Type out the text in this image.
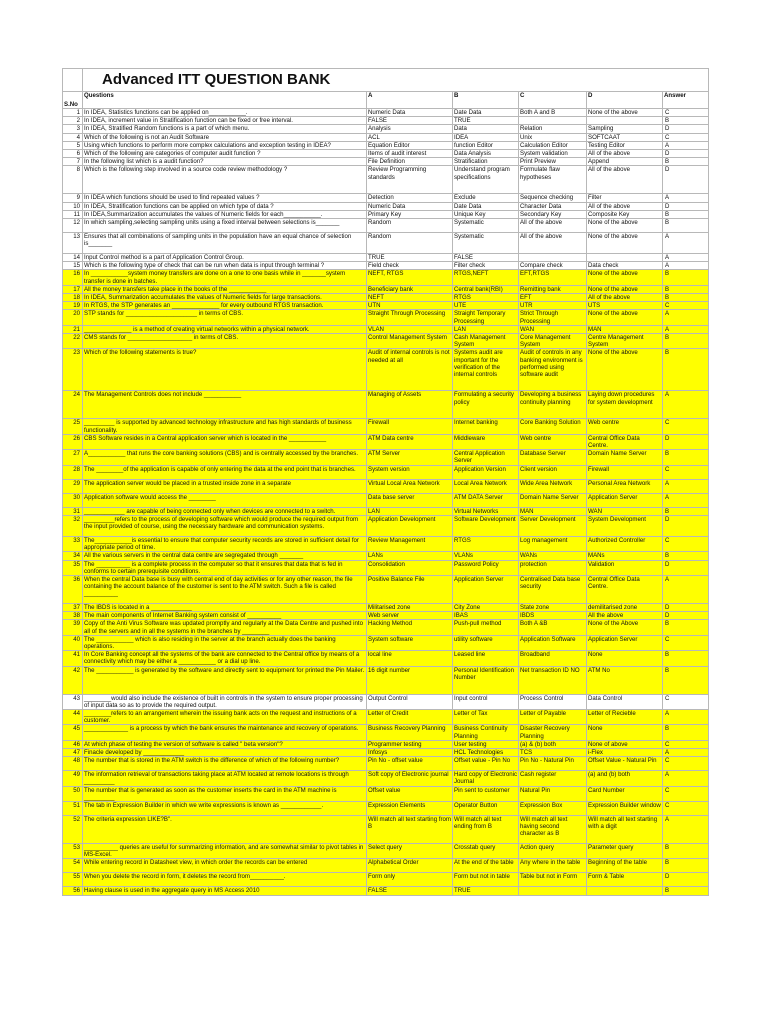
	Advanced ITT QUESTION BANK					
S.No	Questions	A	B	C	D	Answer
1	In IDEA, Statistics functions can be applied on___________.	Numeric Data	Date Data	Both A and B	None of the above	C
2	In IDEA, increment value in Stratification function can be fixed or free interval.	FALSE	TRUE			B
3	In IDEA, Stratified Random functions is a part of which menu.	Analysis	Data	Relation	Sampling	D
4	Which of the following is not an Audit Software	ACL	IDEA	Unix	SOFTCAAT	C
5	Using which functions to perform more complex calculations and exception testing in IDEA?	Equation Editor	function Editor	Calculation Editor	Testing Editor	A
6	Which of the following are categories of computer audit function ?	Items of audit interest	Data Analysis	System validation	All of the above	D
7	In the following list which is a audit function?	File Definition	Stratification	Print Preview	Append	B
8	Which is the following step involved in a source code review methodology ?	Review Programming standards	Understand program specifications	Formulate flaw hypotheses	All of the above	D
9	In IDEA which functions should be used to find repeated values ?	Detection	Exclude	Sequence checking	Filter	A
10	In IDEA, Stratification functions can be applied on which type of data ?	Numeric Data	Date Data	Character Data	All of the above	D
11	In IDEA,Summarization accumulates the values of Numeric fields for each___________.	Primary Key	Unique Key	Secondary Key	Composite Key	B
12	In which sampling,selecting sampling units using a fixed interval between selections is_______	Random	Systematic	All of the above	None of the above	B
13	Ensures that all combinations of sampling units in the population have an equal chance of selection is_______	Random	Systematic	All of the above	None of the above	A
14	Input Control method is a part of Application Control Group.	TRUE	FALSE			A
15	Which is the following type of check that can be run when data is input through terminal ?	Field check	Filter check	Compare check	Data check	A
16	In ___________system money transfers are done on a one to one basis while in _______system transfer is done in batches.	NEFT, RTGS	RTGS,NEFT	EFT,RTGS	None of the above	B
17	All the money transfers take place in the books of the ___________	Beneficiary bank	Central bank(RBI)	Remitting bank	None of the above	B
18	In IDEA, Summarization accumulates the values of Numeric fields for large transactions.	NEFT	RTGS	EFT	All of the above	B
19	In RTGS, the STP generates an ______________ for every outbound RTGS transaction.	UTN	UTE	UTR	UTS	C
20	STP stands for _____________________ in terms of CBS.	Straight Through Processing	Straight Temporary Processing	Strict Through Processing	None of the above	A
21	______________ is a method of creating virtual networks within a physical network.	VLAN	LAN	WAN	MAN	A
22	CMS stands for ___________________ in terms of CBS.	Control Management System	Cash Management System	Core Management System	Centre Management System	B
23	Which of the following statements is true?	Audit of internal controls is not needed at all	Systems audit are important for the verification of the internal controls	Audit of controls in any banking environment is performed using software audit	None of the above	B
24	The Management Controls does not include ___________	Managing of Assets	Formulating a security policy	Developing a business continuity planning	Laying down procedures for system development	A
25	_________ is supported by advanced technology infrastructure and has high standards of business functionality.	Firewall	Internet banking	Core Banking Solution	Web centre	C
26	CBS Software resides in a Central application server which is located in the ___________	ATM Data centre	Middleware	Web centre	Central Office Data Centre.	D
27	A___________ that runs the core banking solutions (CBS) and is centrally accessed by the branches.	ATM Server	Central Application Server	Database Server	Domain Name Server	B
28	The ________of the application is capable of only entering the data at the end point that is branches.	System version	Application Version	Client version	Firewall	C
29	The application server would be placed in a trusted inside zone in a separate	Virtual Local Area Network	Local Area Network	Wide Area Network	Personal Area Network	A
30	Application software would access the ________	Data base server	ATM DATA Server	Domain Name Server	Application Server	A
31	____________ are capable of being connected only when devices are connected to a switch.	LAN	Virtual Networks	MAN	WAN	B
32	_________refers to the process of developing software which would produce the required output from the input provided of course, using the necessary hardware and communication systems.	Application Development	Software Development	Server Development	System Development	D
33	The___________is essential to ensure that computer security records are stored in sufficient detail for appropriate period of time.	Review Management	RTGS	Log management	Authorized Controller	C
34	All the various servers in the central data centre are segregated through _______	LANs	VLANs	WANs	MANs	B
35	The __________ is a complete process in the computer so that it ensures that data that is fed in conforms to certain prerequisite conditions.	Consolidation	Password Policy	protection	Validation	D
36	When the central Data base is busy with central end of day activities or for any other reason, the file containing the account balance of the customer is sent to the ATM switch. Such a file is called __________	Positive Balance File	Application Server	Centralised Data base security	Central Office Data Centre.	A
37	The IBDS is located in a ____________	Militarised zone	City Zone	State zone	demilitarised zone	D
38	The main components of Internet Banking system consist of __________	Web server	IBAS	IBDS	All the above	D
39	Copy of the Anti Virus Software was updated promptly and regularly at the Data Centre and pushed into all of the servers and in all the systems in the branches by ________	Hacking Method	Push-pull method	Both A &B	None of the Above	B
40	The ___________ which is also residing in the server at the branch actually does the banking operations.	System software	utility software	Application Software	Application Server	C
41	In Core Banking concept all the systems of the bank are connected to the Central office by means of a connectivity which may be either a ___________ or a dial up line.	local line	Leased line	Broadband	None	B
42	The ___________ is generated by the software and directly sent to equipment for printed the Pin Mailer.	16 digit number	Personal Identification Number	Net transaction ID NO	ATM No	B
43	________would also include the existence of built in controls in the system to ensure proper processing of input data so as to provide the required output.	Output Control	Input control	Process Control	Data Control	C
44	________refers to an arrangement wherein the issuing bank acts on the request and instructions of a customer.	Letter of Credit	Letter of Tax	Letter of Payable	Letter of Recieble	A
45	_____________ is a process by which the bank ensures the maintenance and recovery of operations.	Business Recovery Planning	Business Continuity Planning	Disaster Recovery Planning	None	B
46	At which phase of testing the version of software is called " beta version"?	Programmer testing	User testing	(a) & (b) both	None of above	C
47	Finacle developed by ____________	Infosys	HCL Technologies	TCS	i-Flex	A
48	The number that is stored in the ATM switch is the difference of which of the following number?	Pin No - offset value	Offset value - Pin No	Pin No - Natural Pin	Offset Value - Natural Pin	C
49	The information retrieval of transactions taking place at ATM located at remote locations is through _________	Soft copy of Electronic journal	Hard copy of Electronic Journal	Cash register	(a) and (b) both	A
50	The number that is generated as soon as the customer inserts the card in the ATM machine is _________	Offset value	Pin sent to customer	Natural Pin	Card Number	C
51	The tab in Expression Builder in which we write expressions is known as ____________.	Expression Elements	Operator Button	Expression Box	Expression Builder window	C
52	The criteria expression LIKE?B".	Will match all text starting from B	Will match all text ending from B	Will match all text having second character as B	Will match all text starting with a digit	A
53	__________ queries are useful for summarizing information, and are somewhat similar to pivot tables in MS-Excel.	Select query	Crosstab query	Action query	Parameter query	B
54	While entering record in Datasheet view, in which order the records can be entered	Alphabetical Order	At the end of the table	Any where in the table	Beginning of the table	B
55	When you delete the record in form, it deletes the record from__________.	Form only	Form but not in table	Table but not in Form	Form & Table	D
56	Having clause is used in the aggregate query in MS Access 2010	FALSE	TRUE			B
